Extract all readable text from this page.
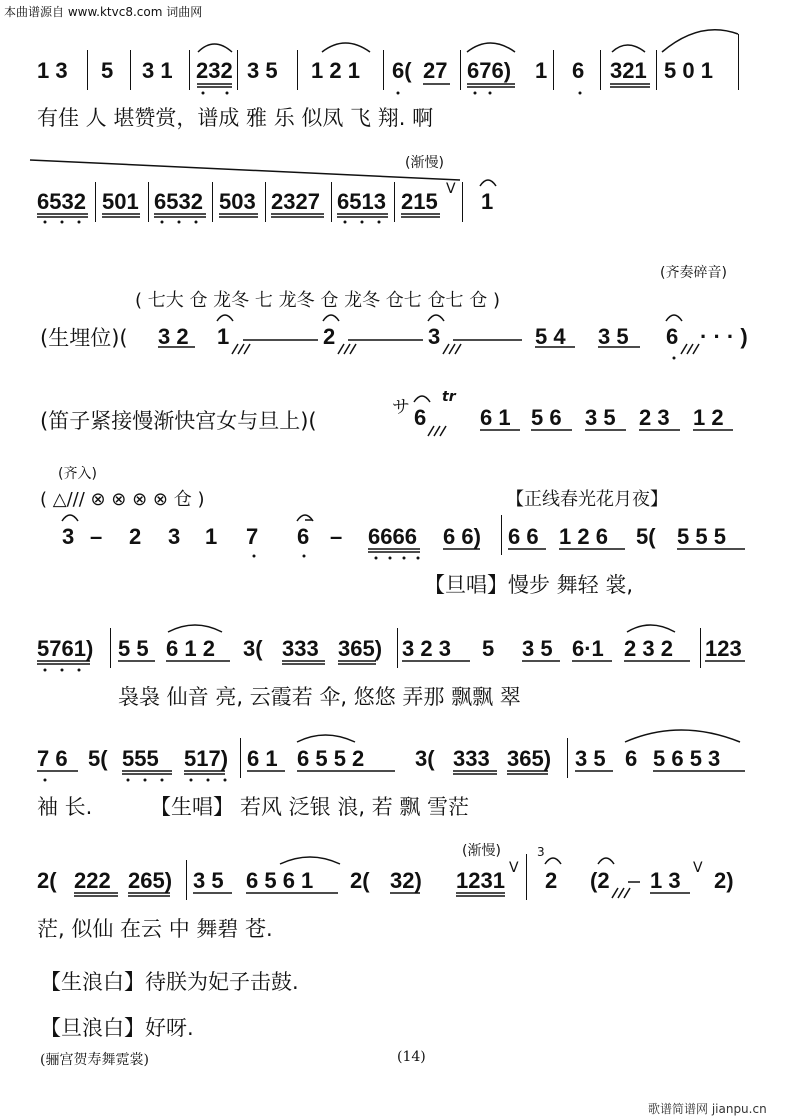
本曲谱源自 www.ktvc8.com 词曲网
1 3 5 3 1 232 3 5 1 2 1 6( 27 676) 1 6 321 5 0 1
有佳 人 堪赞赏，谱成 雅 乐 似凤 飞 翔. 啊
(渐慢)
6532 501 6532 503 2327 6513 215 V 1
(齐奏碎音)
( 七大 仓 龙冬 七 龙冬 仓 龙冬 仓七 仓七 仓 )
(生埋位)( 3 2 1	2	3	5 4 3 5 6 · · · )
(笛子紧接慢渐快宫女与旦上)(
サ tr
6 6 1 5 6 3 5 2 3 1 2
(齐入)
( △/// ⊗ ⊗ ⊗ ⊗ 仓 )	【正线春光花月夜】
3 – 2 3 1 7 6 – 6666 6 6) 6 6 1 2 6 5( 5 5 5
【旦唱】 慢步 舞轻 裳,
5761) 5 5 6 1 2 3( 333 365) 3 2 3 5 3 5 6·1 2 3 2 123
袅袅 仙音 亮, 云霞若 伞, 悠悠 弄那 飘飘 翠
7 6 5( 555 517) 6 1 6 5 5 2 3( 333 365) 3 5 6 5 6 5 3
袖 长.	【生唱】 若风 泛银 浪, 若 飘 雪茫
(渐慢)
2( 222 265) 3 5 6 5 6 1 2( 32) 1231 V
3
2 (2 1 3 V 2)
茫, 似仙 在云 中 舞碧 苍.
【生浪白】待朕为妃子击鼓.
【旦浪白】好呀.
(骊宫贺寿舞霓裳)	(14)
歌谱简谱网 jianpu.cn
